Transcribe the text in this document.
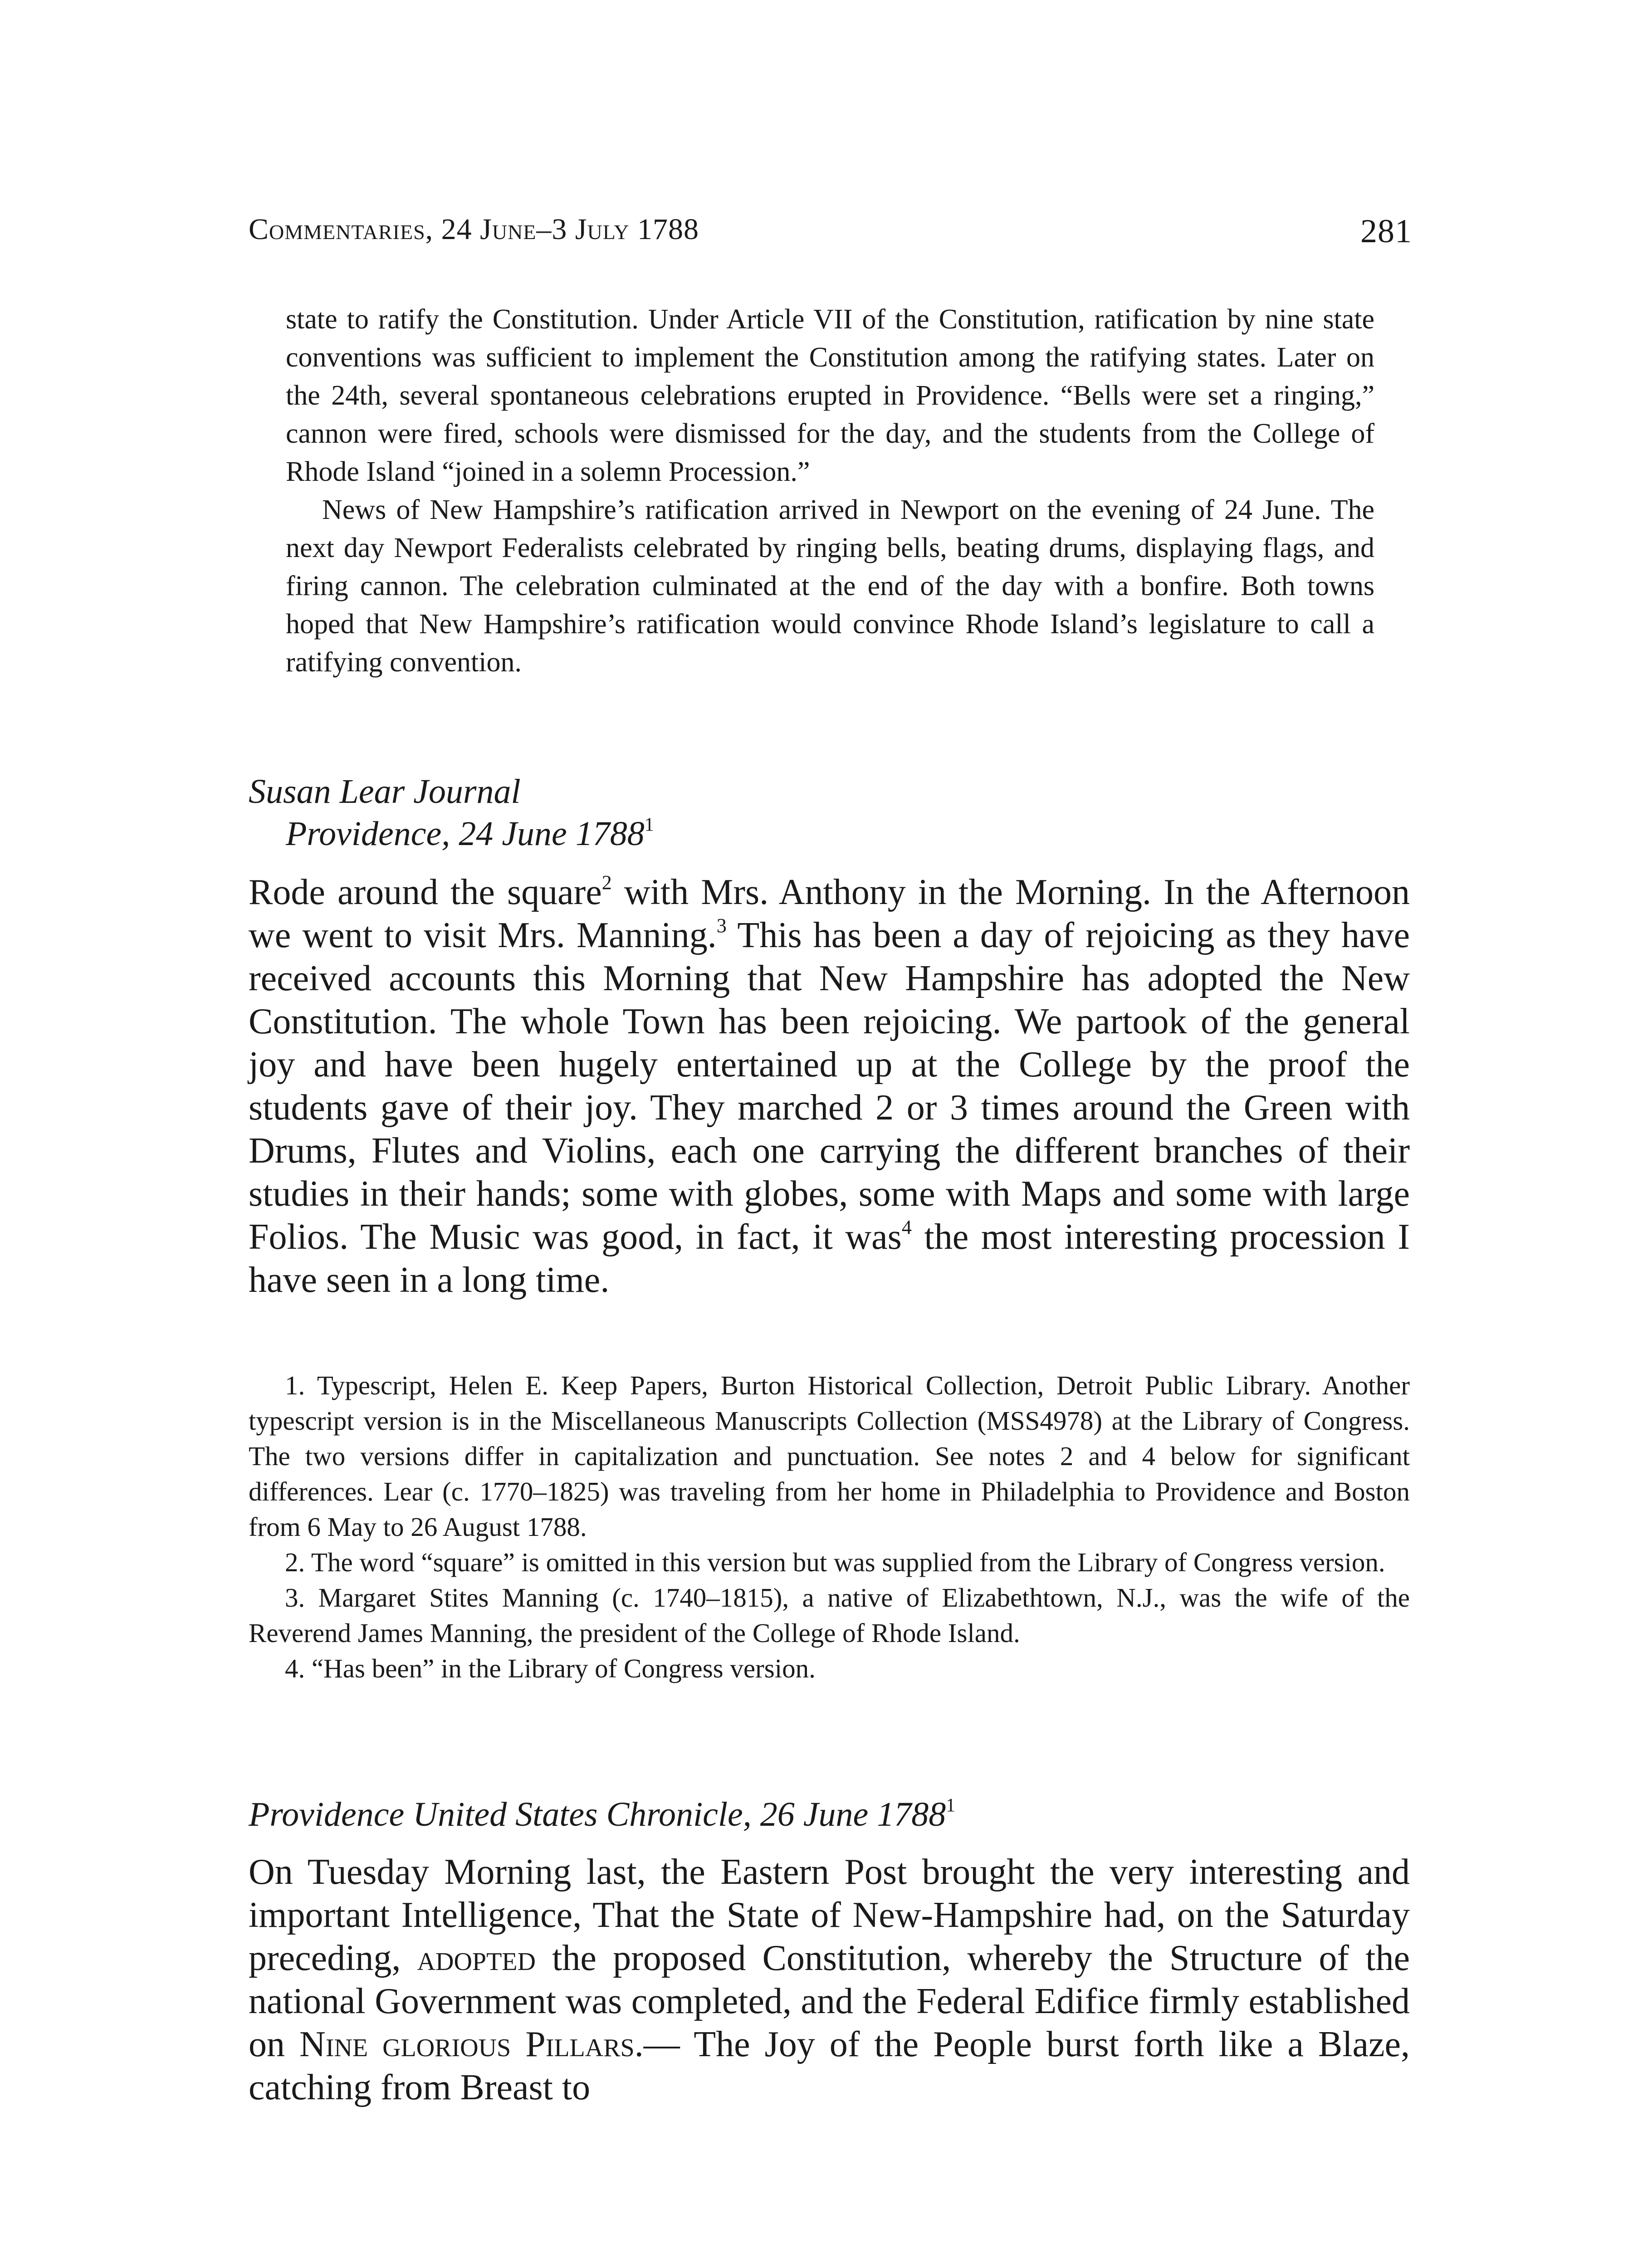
Commentaries, 24 June–3 July 1788	281

state to ratify the Constitution. Under Article VII of the Constitution, ratification by nine state conventions was sufficient to implement the Constitution among the ratifying states. Later on the 24th, several spontaneous celebrations erupted in Providence. “Bells were set a ringing,” cannon were fired, schools were dismissed for the day, and the students from the College of Rhode Island “joined in a solemn Procession.”

News of New Hampshire’s ratification arrived in Newport on the evening of 24 June. The next day Newport Federalists celebrated by ringing bells, beating drums, displaying flags, and firing cannon. The celebration culminated at the end of the day with a bonfire. Both towns hoped that New Hampshire’s ratification would convince Rhode Island’s legislature to call a ratifying convention.

Susan Lear Journal
Providence, 24 June 1788$^1$

Rode around the square$^2$ with Mrs. Anthony in the Morning. In the Afternoon we went to visit Mrs. Manning.$^3$ This has been a day of rejoicing as they have received accounts this Morning that New Hampshire has adopted the New Constitution. The whole Town has been rejoicing. We partook of the general joy and have been hugely entertained up at the College by the proof the students gave of their joy. They marched 2 or 3 times around the Green with Drums, Flutes and Violins, each one carrying the different branches of their studies in their hands; some with globes, some with Maps and some with large Folios. The Music was good, in fact, it was$^4$ the most interesting procession I have seen in a long time.

1. Typescript, Helen E. Keep Papers, Burton Historical Collection, Detroit Public Library. Another typescript version is in the Miscellaneous Manuscripts Collection (MSS4978) at the Library of Congress. The two versions differ in capitalization and punctuation. See notes 2 and 4 below for significant differences. Lear (c. 1770–1825) was traveling from her home in Philadelphia to Providence and Boston from 6 May to 26 August 1788.

2. The word “square” is omitted in this version but was supplied from the Library of Congress version.

3. Margaret Stites Manning (c. 1740–1815), a native of Elizabethtown, N.J., was the wife of the Reverend James Manning, the president of the College of Rhode Island.

4. “Has been” in the Library of Congress version.

Providence United States Chronicle, 26 June 1788$^1$

On Tuesday Morning last, the Eastern Post brought the very interesting and important Intelligence, That the State of New-Hampshire had, on the Saturday preceding, adopted the proposed Constitution, whereby the Structure of the national Government was completed, and the Federal Edifice firmly established on Nine glorious Pillars.— The Joy of the People burst forth like a Blaze, catching from Breast to
